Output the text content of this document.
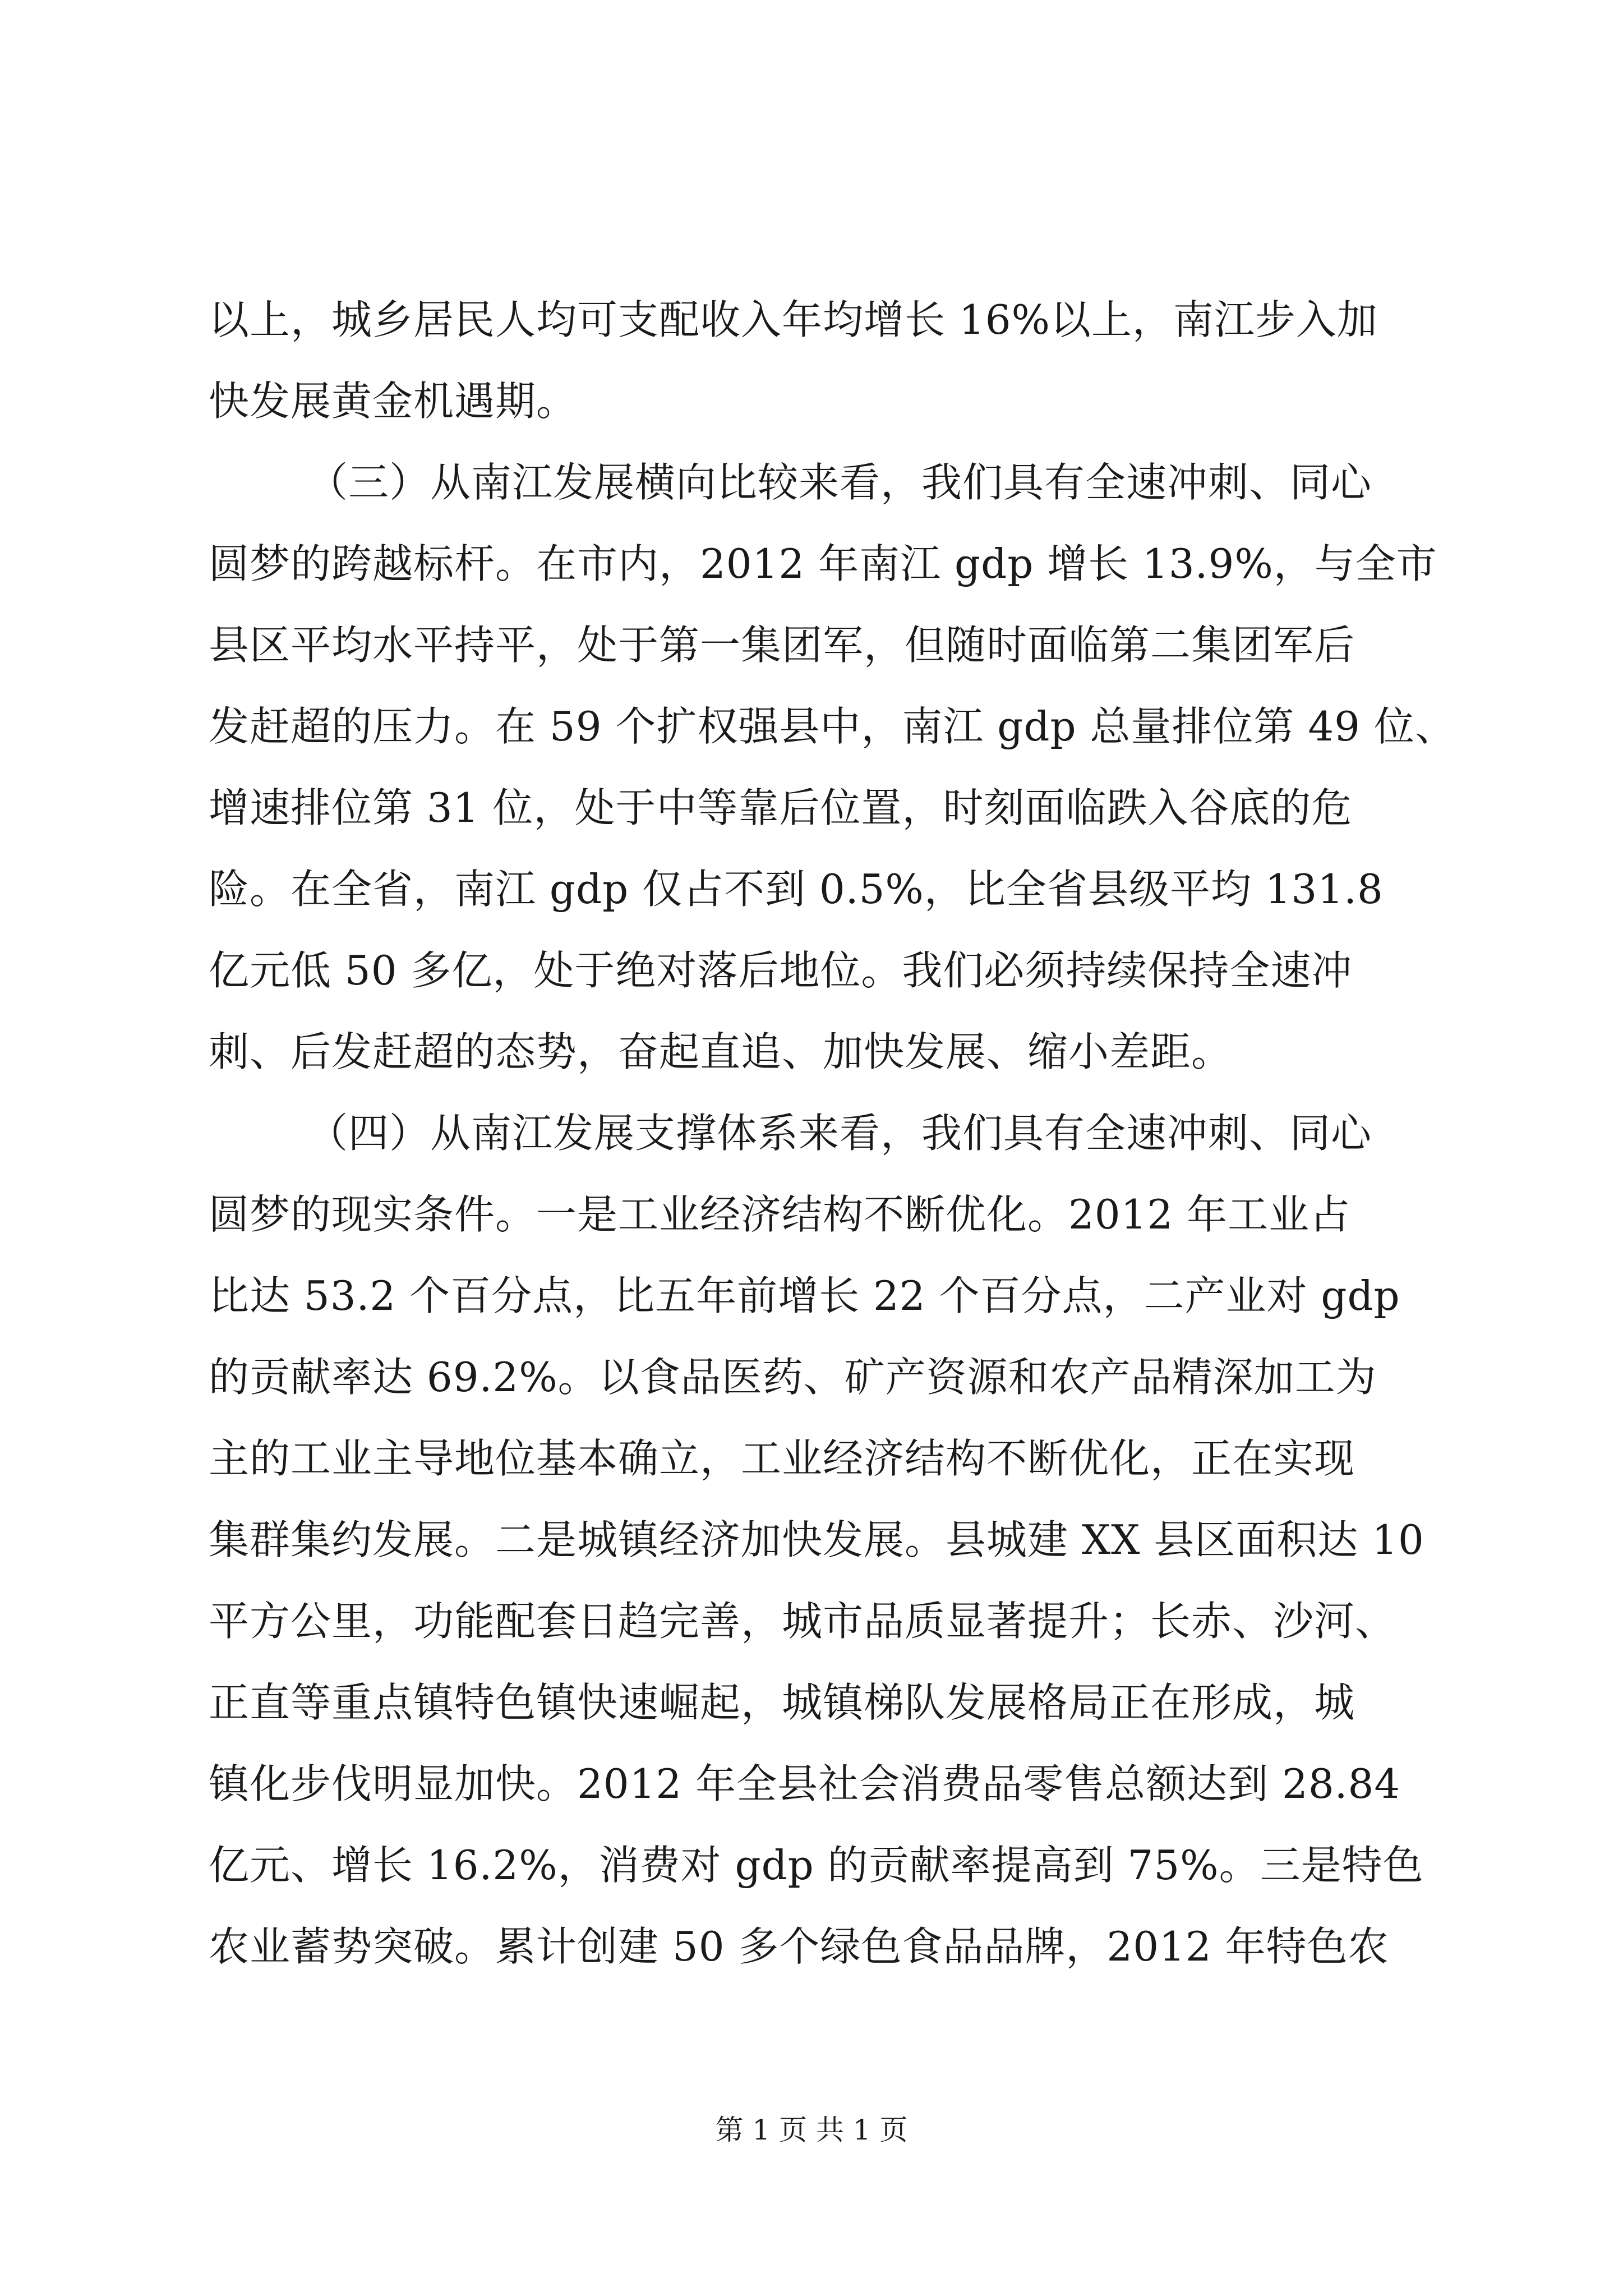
以上，城乡居民人均可支配收入年均增长 16%以上，南江步入加
快发展黄金机遇期。
（三）从南江发展横向比较来看，我们具有全速冲刺、同心
圆梦的跨越标杆。在市内，2012 年南江 gdp 增长 13.9%，与全市
县区平均水平持平，处于第一集团军，但随时面临第二集团军后
发赶超的压力。在 59 个扩权强县中，南江 gdp 总量排位第 49 位、
增速排位第 31 位，处于中等靠后位置，时刻面临跌入谷底的危
险。在全省，南江 gdp 仅占不到 0.5%，比全省县级平均 131.8
亿元低 50 多亿，处于绝对落后地位。我们必须持续保持全速冲
刺、后发赶超的态势，奋起直追、加快发展、缩小差距。
（四）从南江发展支撑体系来看，我们具有全速冲刺、同心
圆梦的现实条件。一是工业经济结构不断优化。2012 年工业占
比达 53.2 个百分点，比五年前增长 22 个百分点，二产业对 gdp
的贡献率达 69.2%。以食品医药、矿产资源和农产品精深加工为
主的工业主导地位基本确立，工业经济结构不断优化，正在实现
集群集约发展。二是城镇经济加快发展。县城建 XX 县区面积达 10
平方公里，功能配套日趋完善，城市品质显著提升；长赤、沙河、
正直等重点镇特色镇快速崛起，城镇梯队发展格局正在形成，城
镇化步伐明显加快。2012 年全县社会消费品零售总额达到 28.84
亿元、增长 16.2%，消费对 gdp 的贡献率提高到 75%。三是特色
农业蓄势突破。累计创建 50 多个绿色食品品牌，2012 年特色农
第 1 页 共 1 页
